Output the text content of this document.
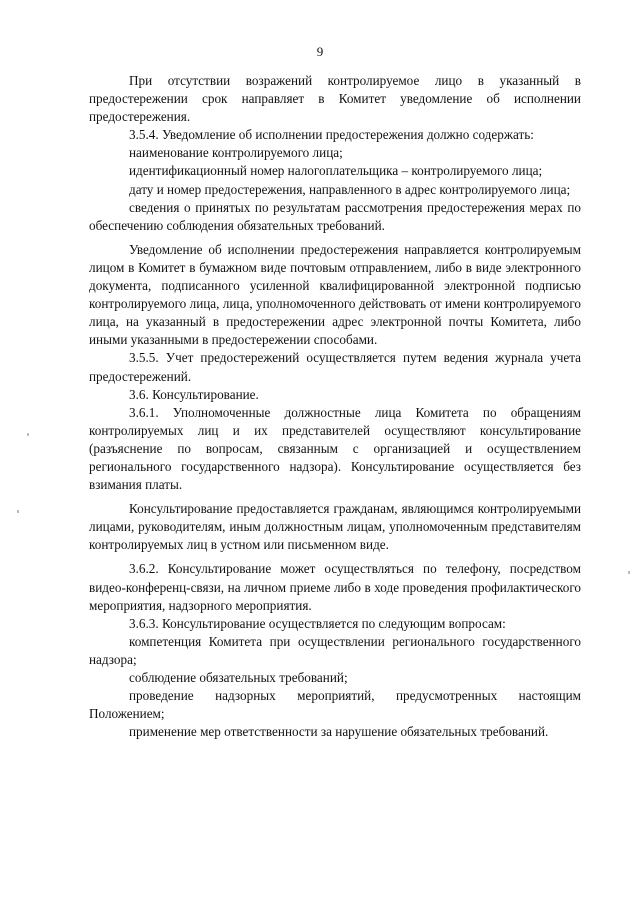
9

При отсутствии возражений контролируемое лицо в указанный в предостережении срок направляет в Комитет уведомление об исполнении предостережения.

3.5.4. Уведомление об исполнении предостережения должно содержать:

наименование контролируемого лица;

идентификационный номер налогоплательщика – контролируемого лица;

дату и номер предостережения, направленного в адрес контролируемого лица;

сведения о принятых по результатам рассмотрения предостережения мерах по обеспечению соблюдения обязательных требований.

Уведомление об исполнении предостережения направляется контролируемым лицом в Комитет в бумажном виде почтовым отправлением, либо в виде электронного документа, подписанного усиленной квалифицированной электронной подписью контролируемого лица, лица, уполномоченного действовать от имени контролируемого лица, на указанный в предостережении адрес электронной почты Комитета, либо иными указанными в предостережении способами.

3.5.5. Учет предостережений осуществляется путем ведения журнала учета предостережений.

3.6. Консультирование.

3.6.1. Уполномоченные должностные лица Комитета по обращениям контролируемых лиц и их представителей осуществляют консультирование (разъяснение по вопросам, связанным с организацией и осуществлением регионального государственного надзора). Консультирование осуществляется без взимания платы.

Консультирование предоставляется гражданам, являющимся контролируемыми лицами, руководителям, иным должностным лицам, уполномоченным представителям контролируемых лиц в устном или письменном виде.

3.6.2. Консультирование может осуществляться по телефону, посредством видео-конференц-связи, на личном приеме либо в ходе проведения профилактического мероприятия, надзорного мероприятия.

3.6.3. Консультирование осуществляется по следующим вопросам:

компетенция Комитета при осуществлении регионального государственного надзора;

соблюдение обязательных требований;

проведение надзорных мероприятий, предусмотренных настоящим Положением;

применение мер ответственности за нарушение обязательных требований.
